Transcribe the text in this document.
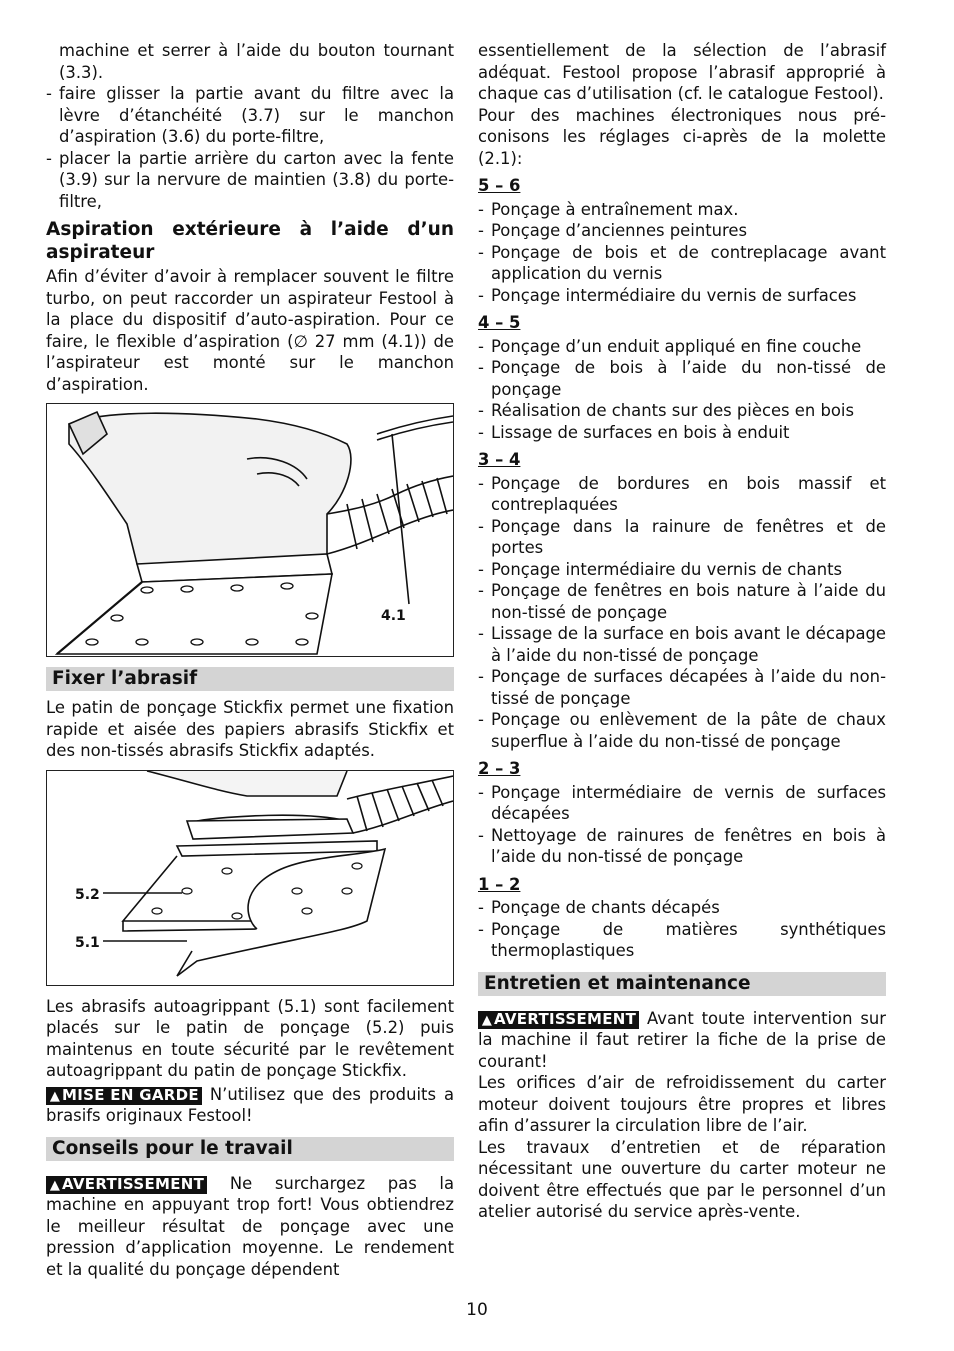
machine et serrer à l’aide du bouton tournant (3.3).

- faire glisser la partie avant du filtre avec la lèvre d’étanchéité (3.7) sur le manchon d’aspiration (3.6) du porte-filtre,
- placer la partie arrière du carton avec la fente (3.9) sur la nervure de maintien (3.8) du porte-filtre,
Aspiration extérieure à l’aide d’un aspirateur

Afin d’éviter d’avoir à remplacer souvent le filtre turbo, on peut raccorder un aspirateur Festool à la place du dispositif d’auto-aspiration. Pour ce faire, le flexible d’aspiration (∅ 27 mm (4.1)) de l’aspirateur est monté sur le manchon d’aspiration.

4.1
Fixer l’abrasif

Le patin de ponçage Stickfix permet une fixation rapide et aisée des papiers abrasifs Stickfix et des non-tissés abrasifs Stickfix adaptés.

5.2
5.1

Les abrasifs autoagrippant (5.1) sont facilement placés sur le patin de ponçage (5.2) puis maintenus en toute sécurité par le revêtement autoagrippant du patin de ponçage Stickfix.

▲ MISE EN GARDE N’utilisez que des produits a brasifs originaux Festool!

Conseils pour le travail

▲ AVERTISSEMENT Ne surchargez pas la machine en appuyant trop fort! Vous obtiendrez le meilleur résultat de ponçage avec une pression d’application moyenne. Le rendement et la qualité du ponçage dépendent

essentiellement de la sélection de l’abrasif adéquat. Festool propose l’abrasif approprié à chaque cas d’utilisation (cf. le catalogue Festool).

Pour des machines électroniques nous pré-conisons les réglages ci-après de la molette (2.1):

5 – 6
- Ponçage à entraînement max.
- Ponçage d’anciennes peintures
- Ponçage de bois et de contreplacage avant application du vernis
- Ponçage intermédiaire du vernis de surfaces
4 – 5
- Ponçage d’un enduit appliqué en fine couche
- Ponçage de bois à l’aide du non-tissé de ponçage
- Réalisation de chants sur des pièces en bois
- Lissage de surfaces en bois à enduit
3 – 4
- Ponçage de bordures en bois massif et contreplaquées
- Ponçage dans la rainure de fenêtres et de portes
- Ponçage intermédiaire du vernis de chants
- Ponçage de fenêtres en bois nature à l’aide du non-tissé de ponçage
- Lissage de la surface en bois avant le décapage à l’aide du non-tissé de ponçage
- Ponçage de surfaces décapées à l’aide du non-tissé de ponçage
- Ponçage ou enlèvement de la pâte de chaux superflue à l’aide du non-tissé de ponçage
2 – 3
- Ponçage intermédiaire de vernis de surfaces décapées
- Nettoyage de rainures de fenêtres en bois à l’aide du non-tissé de ponçage
1 – 2
- Ponçage de chants décapés
- Ponçage de matières synthétiques thermoplastiques
Entretien et maintenance

▲ AVERTISSEMENT Avant toute intervention sur la machine il faut retirer la fiche de la prise de courant!

Les orifices d’air de refroidissement du carter moteur doivent toujours être propres et libres afin d’assurer la circulation libre de l’air.

Les travaux d’entretien et de réparation nécessitant une ouverture du carter moteur ne doivent être effectués que par le personnel d’un atelier autorisé du service après-vente.

10
